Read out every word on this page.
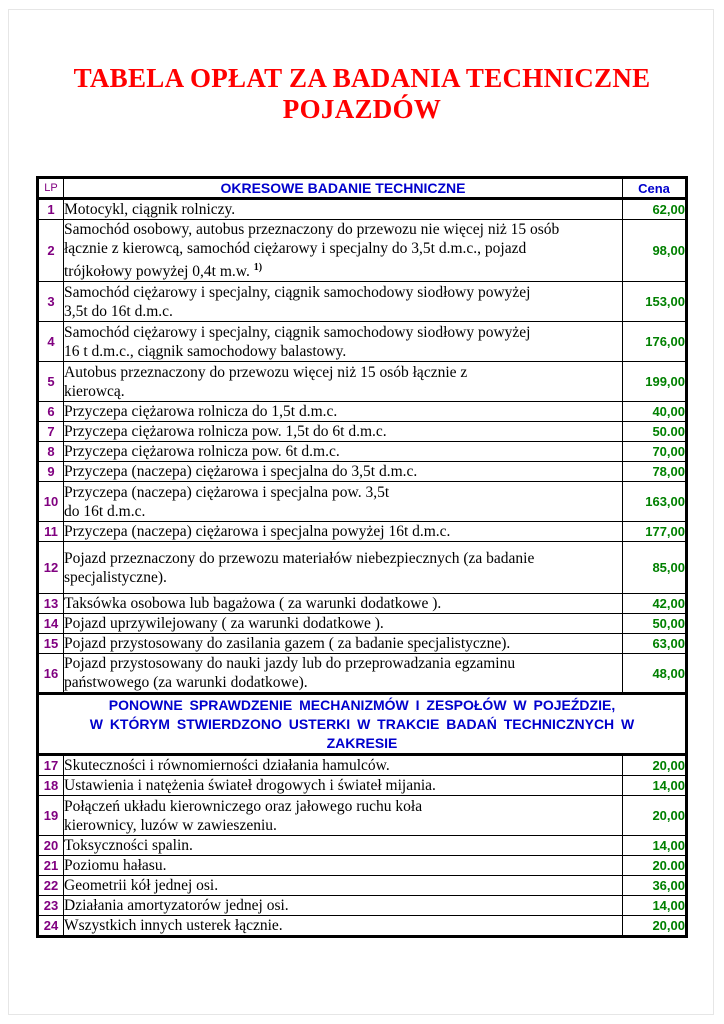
TABELA OPŁAT ZA BADANIA TECHNICZNE
POJAZDÓW
LP	OKRESOWE BADANIE TECHNICZNE	Cena
1	Motocykl, ciągnik rolniczy.	62,00
2	Samochód osobowy, autobus przeznaczony do przewozu nie więcej niż 15 osób
łącznie z kierowcą, samochód ciężarowy i specjalny do 3,5t d.m.c., pojazd
trójkołowy powyżej 0,4t m.w. $^{1)}$	98,00
3	Samochód ciężarowy i specjalny, ciągnik samochodowy siodłowy powyżej
3,5t do 16t d.m.c.	153,00
4	Samochód ciężarowy i specjalny, ciągnik samochodowy siodłowy powyżej
16 t d.m.c., ciągnik samochodowy balastowy.	176,00
5	Autobus przeznaczony do przewozu więcej niż 15 osób łącznie z
kierowcą.	199,00
6	Przyczepa ciężarowa rolnicza do 1,5t d.m.c.	40,00
7	Przyczepa ciężarowa rolnicza pow. 1,5t do 6t d.m.c.	50.00
8	Przyczepa ciężarowa rolnicza pow. 6t d.m.c.	70,00
9	Przyczepa (naczepa) ciężarowa i specjalna do 3,5t d.m.c.	78,00
10	Przyczepa (naczepa) ciężarowa i specjalna pow. 3,5t
do 16t d.m.c.	163,00
11	Przyczepa (naczepa) ciężarowa i specjalna powyżej 16t d.m.c.	177,00
12	Pojazd przeznaczony do przewozu materiałów niebezpiecznych (za badanie
specjalistyczne).	85,00
13	Taksówka osobowa lub bagażowa ( za warunki dodatkowe ).	42,00
14	Pojazd uprzywilejowany ( za warunki dodatkowe ).	50,00
15	Pojazd przystosowany do zasilania gazem ( za badanie specjalistyczne).	63,00
16	Pojazd przystosowany do nauki jazdy lub do przeprowadzania egzaminu
państwowego (za warunki dodatkowe).	48,00

PONOWNE SPRAWDZENIE MECHANIZMÓW I ZESPOŁÓW W POJEŹDZIE,
W KTÓRYM STWIERDZONO USTERKI W TRAKCIE BADAŃ TECHNICZNYCH W
ZAKRESIE		

17	Skuteczności i równomierności działania hamulców.	20,00
18	Ustawienia i natężenia świateł drogowych i świateł mijania.	14,00
19	Połączeń układu kierowniczego oraz jałowego ruchu koła
kierownicy, luzów w zawieszeniu.	20,00
20	Toksyczności spalin.	14,00
21	Poziomu hałasu.	20.00
22	Geometrii kół jednej osi.	36,00
23	Działania amortyzatorów jednej osi.	14,00
24	Wszystkich innych usterek łącznie.	20,00
